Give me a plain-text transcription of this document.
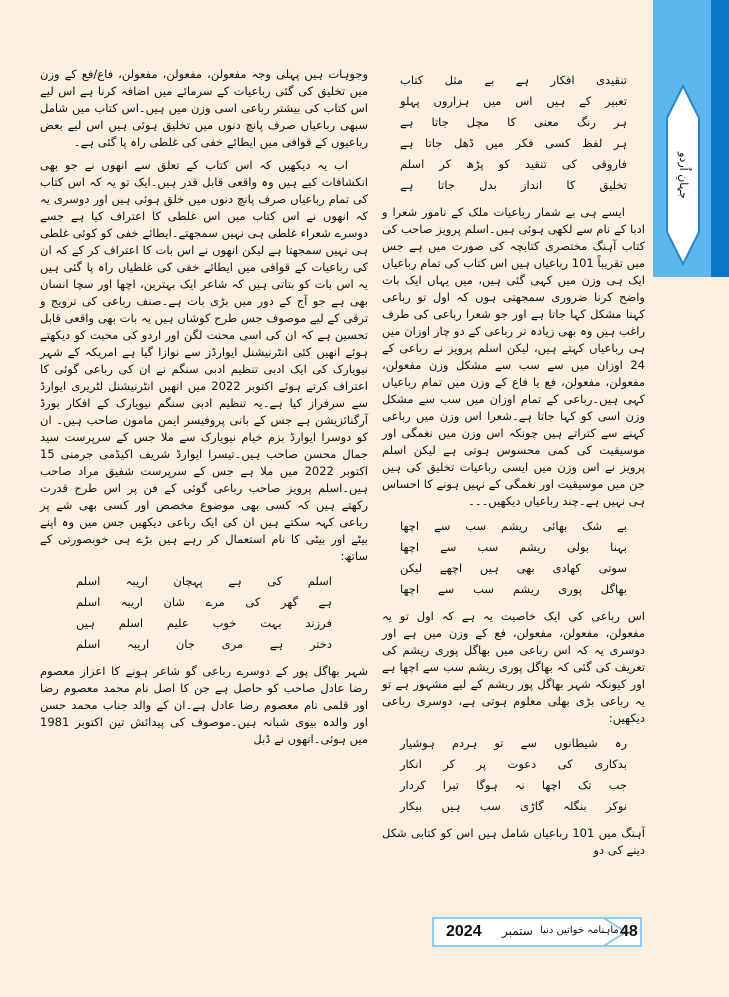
جہانِ اُردو
وجوہات ہیں پہلی وجہ مفعولن، مفعولن، مفعولن، فاع/فع کے وزن میں تخلیق کی گئی رباعیات کے سرمائے میں اضافہ کرنا ہے اس لیے اس کتاب کی بیشتر رباعی اسی وزن میں ہیں۔اس کتاب میں شامل سبھی رباعیاں صرف پانچ دنوں میں تخلیق ہوئی ہیں اس لیے بعض رباعیوں کے قوافی میں ایطائے خفی کی غلطی راہ پا گئی ہے۔
اب یہ دیکھیں کہ اس کتاب کے تعلق سے انھوں نے جو بھی انکشافات کیے ہیں وہ واقعی قابل قدر ہیں۔ایک تو یہ کہ اس کتاب کی تمام رباعیاں صرف پانچ دنوں میں خلق ہوئی ہیں اور دوسری یہ کہ انھوں نے اس کتاب میں اس غلطی کا اعتراف کیا ہے جسے دوسرے شعراء غلطی ہی نہیں سمجھتے۔ایطائے خفی کو کوئی غلطی ہی نہیں سمجھتا ہے لیکن انھوں نے اس بات کا اعتراف کر کے کہ ان کی رباعیات کے قوافی میں ایطائے خفی کی غلطیاں راہ پا گئی ہیں یہ اس بات کو بتاتی ہیں کہ شاعر ایک بہترین، اچھا اور سچا انسان بھی ہے جو آج کے دور میں بڑی بات ہے۔صنف رباعی کی ترویج و ترقی کے لیے موصوف جس طرح کوشاں ہیں یہ بات بھی واقعی قابل تحسین ہے کہ ان کی اسی محنت لگن اور اردو کی محبت کو دیکھتے ہوئے انھیں کئی انٹرنیشنل ایوارڈز سے نوازا گیا ہے امریکہ کے شہر نیویارک کی ایک ادبی تنظیم ادبی سنگم نے ان کی رباعی گوئی کا اعتراف کرتے ہوئے اکتوبر 2022 میں انھیں انٹرنیشنل لٹریری ایوارڈ سے سرفراز کیا ہے۔یہ تنظیم ادبی سنگم نیویارک کے افکار بورڈ آرگنائزیشن ہے جس کے بانی پروفیسر ایمن مامون صاحب ہیں۔ ان کو دوسرا ایوارڈ بزم خیام نیویارک سے ملا جس کے سرپرست سید جمال محسن صاحب ہیں۔تیسرا ایوارڈ شریف اکیڈمی جرمنی 15 اکتوبر 2022 میں ملا ہے جس کے سرپرست شفیق مراد صاحب ہیں۔اسلم پرویز صاحب رباعی گوئی کے فن پر اس طرح قدرت رکھتے ہیں کہ کسی بھی موضوع مخصص اور کسی بھی شے پر رباعی کہہ سکتے ہیں ان کی ایک رباعی دیکھیں جس میں وہ اپنے بیٹے اور بیٹی کا نام استعمال کر رہے ہیں بڑے ہی خوبصورتی کے ساتھ:
اسلم کی ہے پہچان اریبہ اسلم
ہے گھر کی مرے شان اریبہ اسلم
فرزند بہت خوب علیم اسلم ہیں
دختر ہے مری جان اریبہ اسلم
شہر بھاگل پور کے دوسرے رباعی گو شاعر ہونے کا اعزاز معصوم رضا عادل صاحب کو حاصل ہے جن کا اصل نام محمد معصوم رضا اور قلمی نام معصوم رضا عادل ہے۔ان کے والد جناب محمد حسن اور والدہ بیوی شبانہ ہیں۔موصوف کی پیدائش تین اکتوبر 1981 میں ہوئی۔انھوں نے ڈبل
تنقیدی افکار ہے بے مثل کتاب
تعبیر کے ہیں اس میں ہزاروں پہلو
ہر رنگ معنی کا مچل جاتا ہے
ہر لفظ کسی فکر میں ڈھل جاتا ہے
فاروقی کی تنقید کو پڑھ کر اسلم
تخلیق کا انداز بدل جاتا ہے
ایسے ہی بے شمار رباعیات ملک کے نامور شعرا و ادبا کے نام سے لکھی ہوئی ہیں۔اسلم پرویز صاحب کی کتاب آہنگ مختصری کتابچہ کی صورت میں ہے جس میں تقریباً 101 رباعیاں ہیں اس کتاب کی تمام رباعیاں ایک ہی وزن میں کہی گئی ہیں، میں یہاں ایک بات واضح کرنا ضروری سمجھتی ہوں کہ اول تو رباعی کہنا مشکل کہا جاتا ہے اور جو شعرا رباعی کی طرف راغب ہیں وہ بھی زیادہ تر رباعی کے دو چار اوزان میں ہی رباعیاں کہتے ہیں، لیکن اسلم پرویز نے رباعی کے 24 اوزان میں سے سب سے مشکل وزن مفعولن، مفعولن، مفعولن، فع یا فاع کے وزن میں تمام رباعیاں کہی ہیں۔رباعی کے تمام اوزان میں سب سے مشکل وزن اسی کو کہا جاتا ہے۔شعرا اس وزن میں رباعی کہنے سے کتراتے ہیں چونکہ اس وزن میں نغمگی اور موسیقیت کی کمی محسوس ہوتی ہے لیکن اسلم پرویز نے اس وزن میں ایسی رباعیات تخلیق کی ہیں جن میں موسیقیت اور نغمگی کے نہیں ہونے کا احساس ہی نہیں ہے۔چند رباعیاں دیکھیں۔۔۔
بے شک بھائی ریشم سب سے اچھا
بہنا بولی ریشم سب سے اچھا
سوتی کھادی بھی ہیں اچھے لیکن
بھاگل پوری ریشم سب سے اچھا
اس رباعی کی ایک خاصیت یہ ہے کہ اول تو یہ مفعولن، مفعولن، مفعولن، فع کے وزن میں ہے اور دوسری یہ کہ اس رباعی میں بھاگل پوری ریشم کی تعریف کی گئی کہ بھاگل پوری ریشم سب سے اچھا ہے اور کیونکہ شہر بھاگل پور ریشم کے لیے مشہور ہے تو یہ رباعی بڑی بھلی معلوم ہوتی ہے، دوسری رباعی دیکھیں:
رہ شیطانوں سے تو ہردم ہوشیار
بدکاری کی دعوت پر کر انکار
جب تک اچھا نہ ہوگا تیرا کردار
نوکر بنگلہ گاڑی سب ہیں بیکار
آہنگ میں 101 رباعیاں شامل ہیں اس کو کتابی شکل دینے کی دو
2024 ستمبر ماہنامہ خواتین دنیا 48
